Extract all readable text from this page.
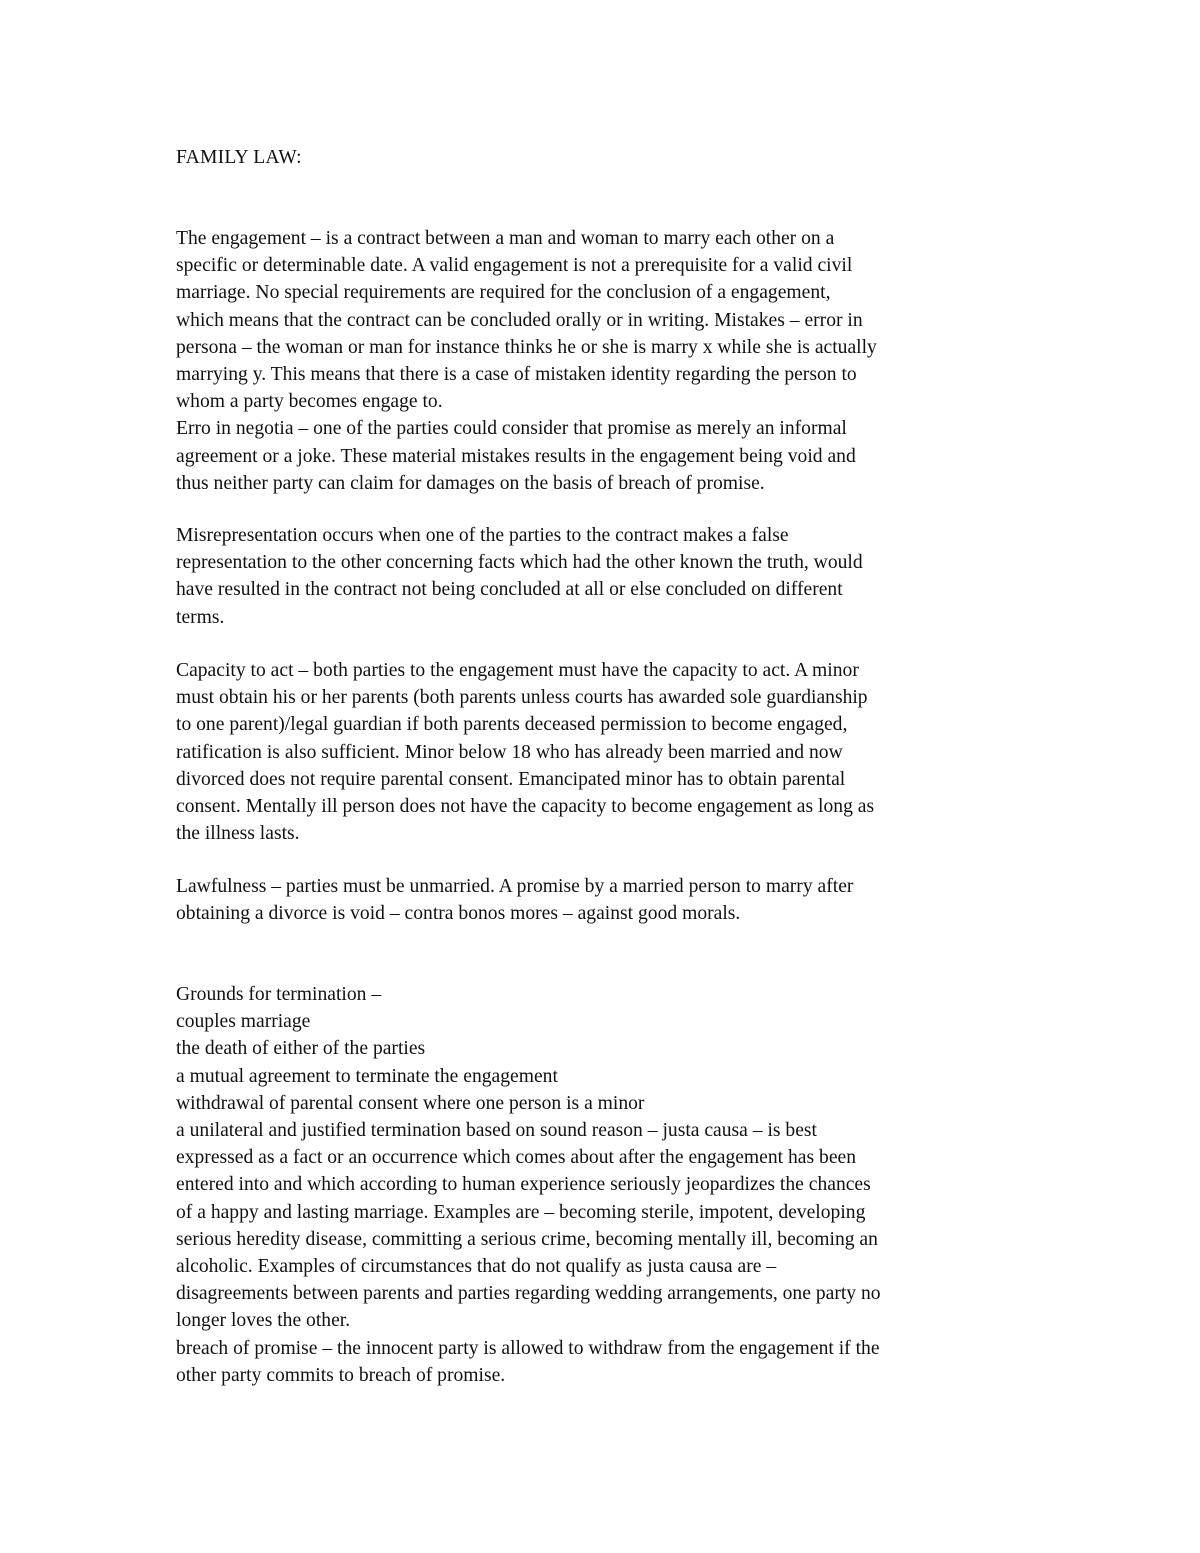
FAMILY LAW:

The engagement – is a contract between a man and woman to marry each other on a
specific or determinable date. A valid engagement is not a prerequisite for a valid civil
marriage. No special requirements are required for the conclusion of a engagement,
which means that the contract can be concluded orally or in writing. Mistakes – error in
persona – the woman or man for instance thinks he or she is marry x while she is actually
marrying y. This means that there is a case of mistaken identity regarding the person to
whom a party becomes engage to.
Erro in negotia – one of the parties could consider that promise as merely an informal
agreement or a joke. These material mistakes results in the engagement being void and
thus neither party can claim for damages on the basis of breach of promise.

Misrepresentation occurs when one of the parties to the contract makes a false
representation to the other concerning facts which had the other known the truth, would
have resulted in the contract not being concluded at all or else concluded on different
terms.

Capacity to act – both parties to the engagement must have the capacity to act. A minor
must obtain his or her parents (both parents unless courts has awarded sole guardianship
to one parent)/legal guardian if both parents deceased permission to become engaged,
ratification is also sufficient. Minor below 18 who has already been married and now
divorced does not require parental consent. Emancipated minor has to obtain parental
consent. Mentally ill person does not have the capacity to become engagement as long as
the illness lasts.

Lawfulness – parties must be unmarried. A promise by a married person to marry after
obtaining a divorce is void – contra bonos mores – against good morals.

Grounds for termination –
couples marriage
the death of either of the parties
a mutual agreement to terminate the engagement
withdrawal of parental consent where one person is a minor
a unilateral and justified termination based on sound reason – justa causa – is best
expressed as a fact or an occurrence which comes about after the engagement has been
entered into and which according to human experience seriously jeopardizes the chances
of a happy and lasting marriage. Examples are – becoming sterile, impotent, developing
serious heredity disease, committing a serious crime, becoming mentally ill, becoming an
alcoholic. Examples of circumstances that do not qualify as justa causa are –
disagreements between parents and parties regarding wedding arrangements, one party no
longer loves the other.
breach of promise – the innocent party is allowed to withdraw from the engagement if the
other party commits to breach of promise.
